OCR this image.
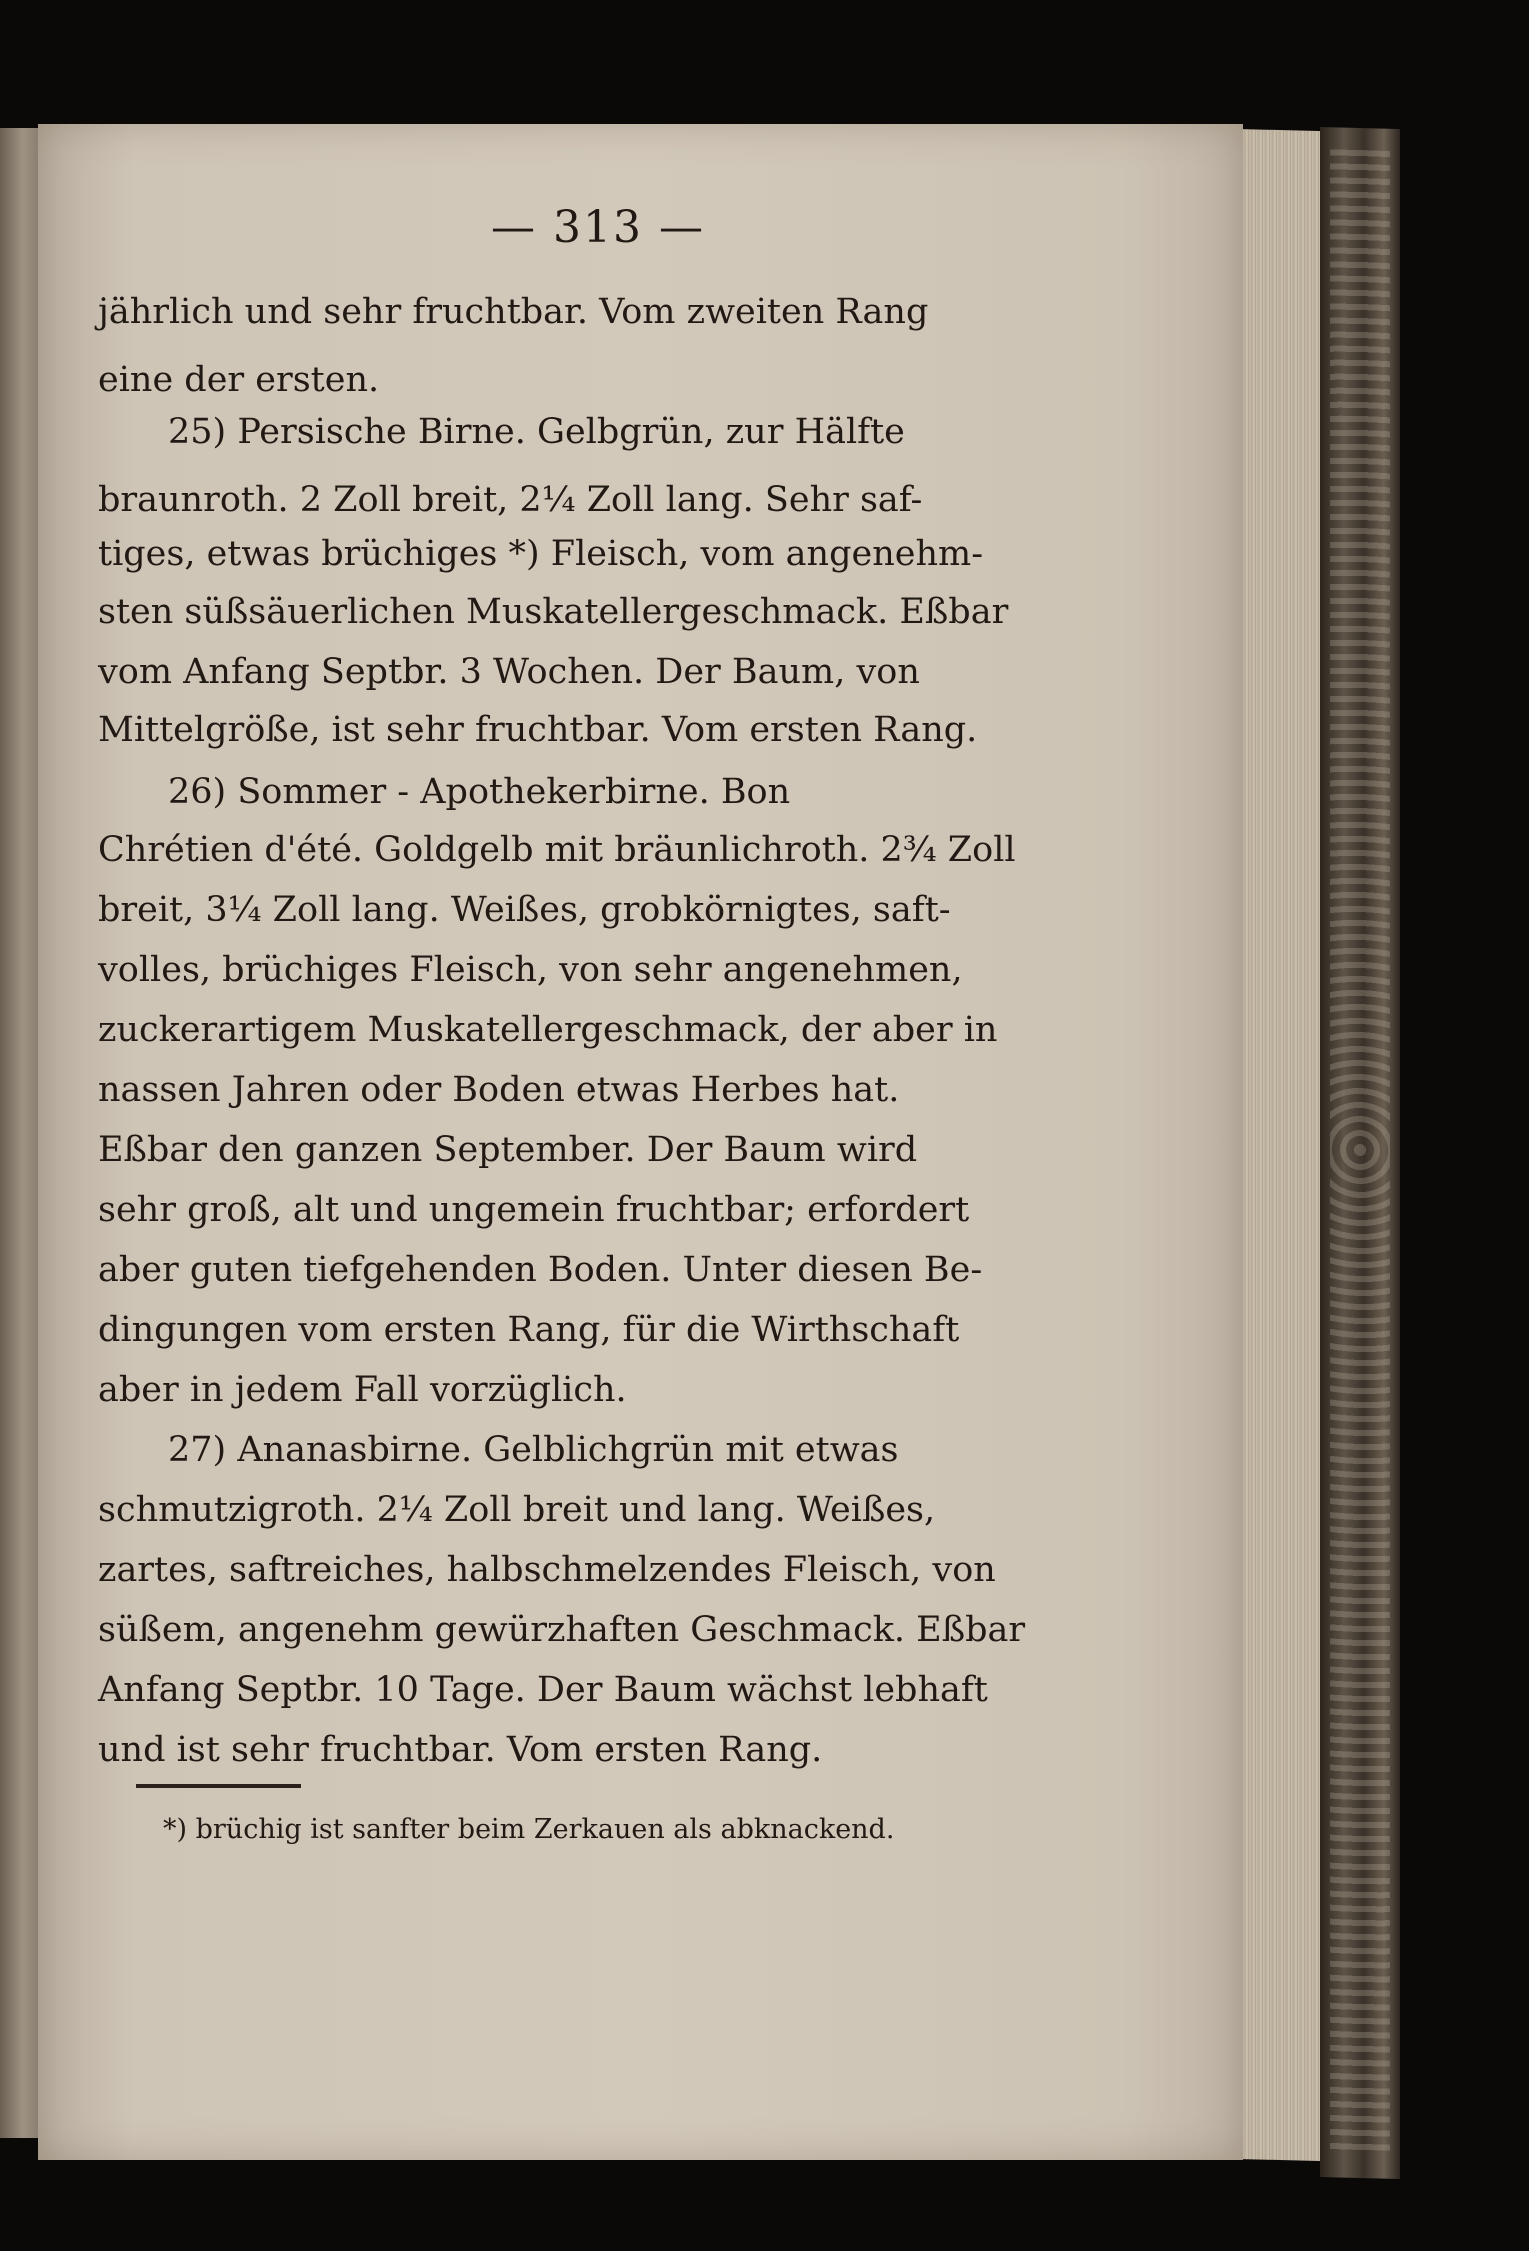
— 313 —
jährlich und sehr fruchtbar. Vom zweiten Rang
eine der ersten.
25) Persische Birne. Gelbgrün, zur Hälfte
braunroth. 2 Zoll breit, 2¼ Zoll lang. Sehr saf-
tiges, etwas brüchiges *) Fleisch, vom angenehm-
sten süßsäuerlichen Muskatellergeschmack. Eßbar
vom Anfang Septbr. 3 Wochen. Der Baum, von
Mittelgröße, ist sehr fruchtbar. Vom ersten Rang.
26) Sommer - Apothekerbirne. Bon
Chrétien d'été. Goldgelb mit bräunlichroth. 2¾ Zoll
breit, 3¼ Zoll lang. Weißes, grobkörnigtes, saft-
volles, brüchiges Fleisch, von sehr angenehmen,
zuckerartigem Muskatellergeschmack, der aber in
nassen Jahren oder Boden etwas Herbes hat.
Eßbar den ganzen September. Der Baum wird
sehr groß, alt und ungemein fruchtbar; erfordert
aber guten tiefgehenden Boden. Unter diesen Be-
dingungen vom ersten Rang, für die Wirthschaft
aber in jedem Fall vorzüglich.
27) Ananasbirne. Gelblichgrün mit etwas
schmutzigroth. 2¼ Zoll breit und lang. Weißes,
zartes, saftreiches, halbschmelzendes Fleisch, von
süßem, angenehm gewürzhaften Geschmack. Eßbar
Anfang Septbr. 10 Tage. Der Baum wächst lebhaft
und ist sehr fruchtbar. Vom ersten Rang.
*) brüchig ist sanfter beim Zerkauen als abknackend.
